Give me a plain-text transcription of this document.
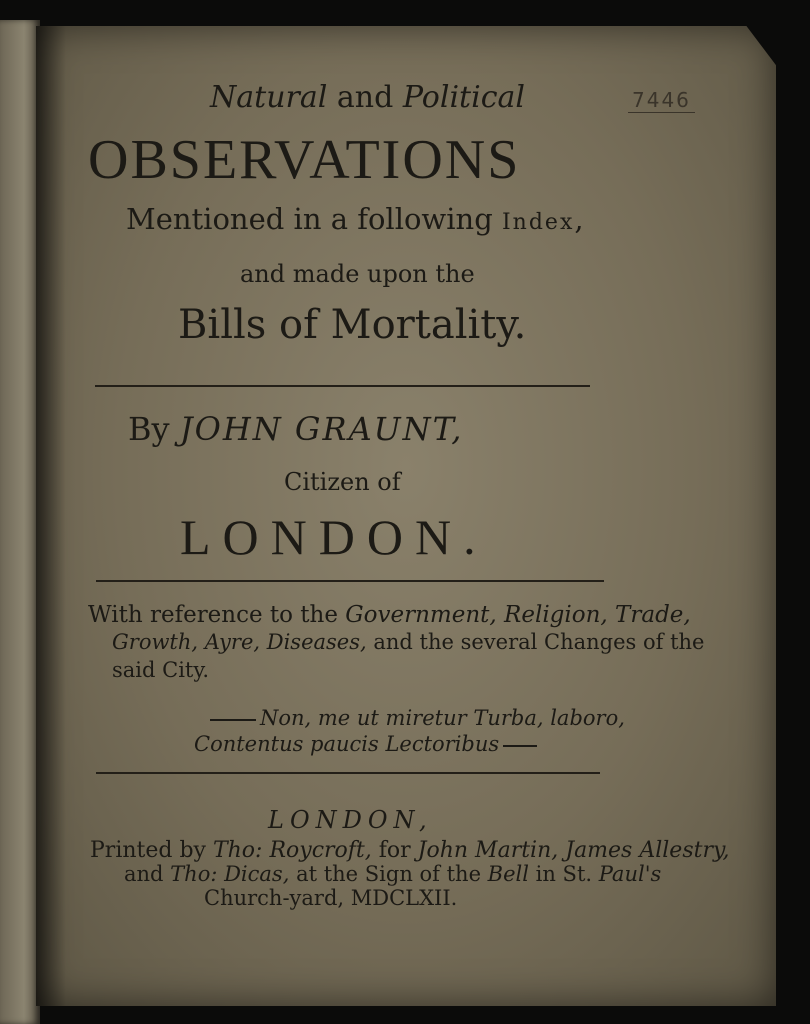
7446
Natural and Political
OBSERVATIONS
Mentioned in a following Index,
and made upon the
Bills of Mortality.
By JOHN GRAUNT,
Citizen of
LONDON.
With reference to the Government, Religion, Trade,
Growth, Ayre, Diseases, and the several Changes of the
said City.
Non, me ut miretur Turba, laboro,
Contentus paucis Lectoribus
LONDON,
Printed by Tho: Roycroft, for John Martin, James Allestry,
and Tho: Dicas, at the Sign of the Bell in St. Paul's
Church-yard, MDCLXII.
